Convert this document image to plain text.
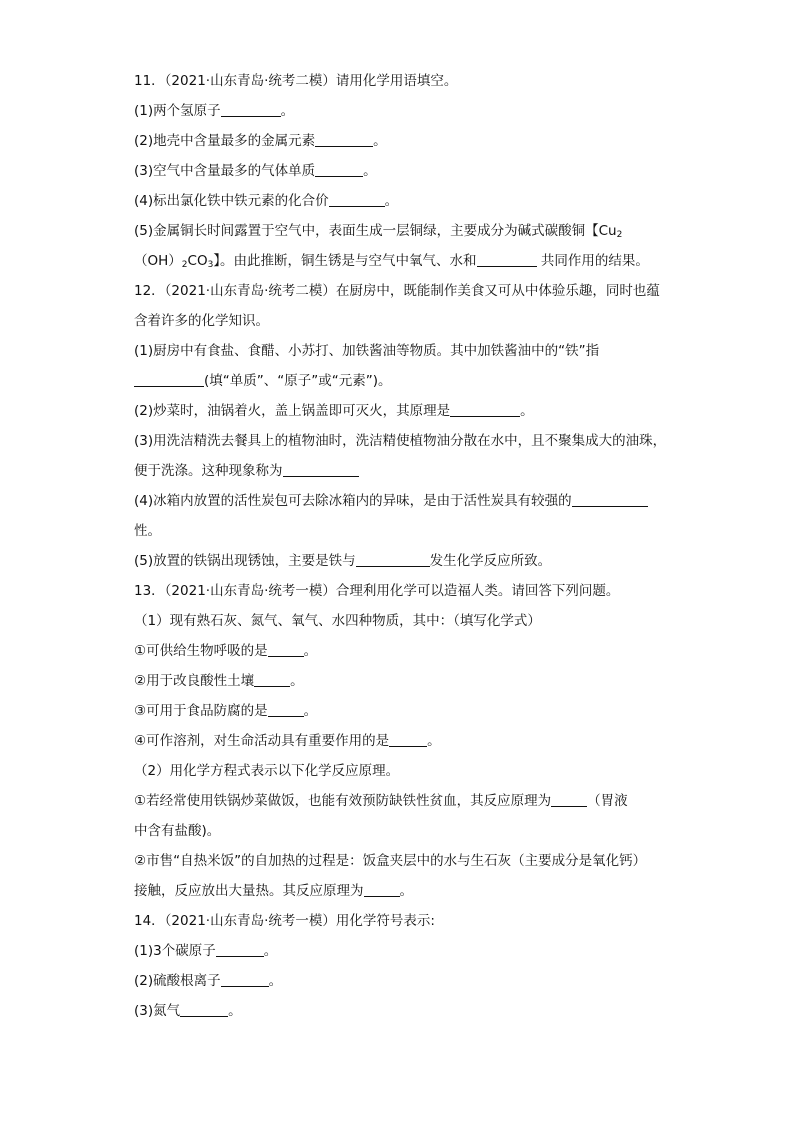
11．（2021·山东青岛·统考二模）请用化学用语填空。
(1)两个氢原子	。
(2)地壳中含量最多的金属元素	。
(3)空气中含量最多的气体单质	。
(4)标出氯化铁中铁元素的化合价	。
(5)金属铜长时间露置于空气中，表面生成一层铜绿，主要成分为碱式碳酸铜【$Cu_2$
$(OH)_2CO_3$】。由此推断，铜生锈是与空气中氧气、水和	共同作用的结果。
12．（2021·山东青岛·统考二模）在厨房中，既能制作美食又可从中体验乐趣，同时也蕴
含着许多的化学知识。
(1)厨房中有食盐、食醋、小苏打、加铁酱油等物质。其中加铁酱油中的“铁”指
(填“单质”、“原子”或“元素”)。
(2)炒菜时，油锅着火，盖上锅盖即可灭火，其原理是	。
(3)用洗洁精洗去餐具上的植物油时，洗洁精使植物油分散在水中，且不聚集成大的油珠，
便于洗涤。这种现象称为
(4)冰箱内放置的活性炭包可去除冰箱内的异味，是由于活性炭具有较强的
性。
(5)放置的铁锅出现锈蚀，主要是铁与	发生化学反应所致。
13．（2021·山东青岛·统考一模）合理利用化学可以造福人类。请回答下列问题。
（1）现有熟石灰、氮气、氧气、水四种物质，其中：（填写化学式）
①可供给生物呼吸的是	。
②用于改良酸性土壤	。
③可用于食品防腐的是	。
④可作溶剂，对生命活动具有重要作用的是	。
（2）用化学方程式表示以下化学反应原理。
①若经常使用铁锅炒菜做饭，也能有效预防缺铁性贫血，其反应原理为	（胃液
中含有盐酸)。
②市售“自热米饭”的自加热的过程是：饭盒夹层中的水与生石灰（主要成分是氧化钙）
接触，反应放出大量热。其反应原理为	。
14．（2021·山东青岛·统考一模）用化学符号表示:
(1)3个碳原子	。
(2)硫酸根离子	。
(3)氮气	。
